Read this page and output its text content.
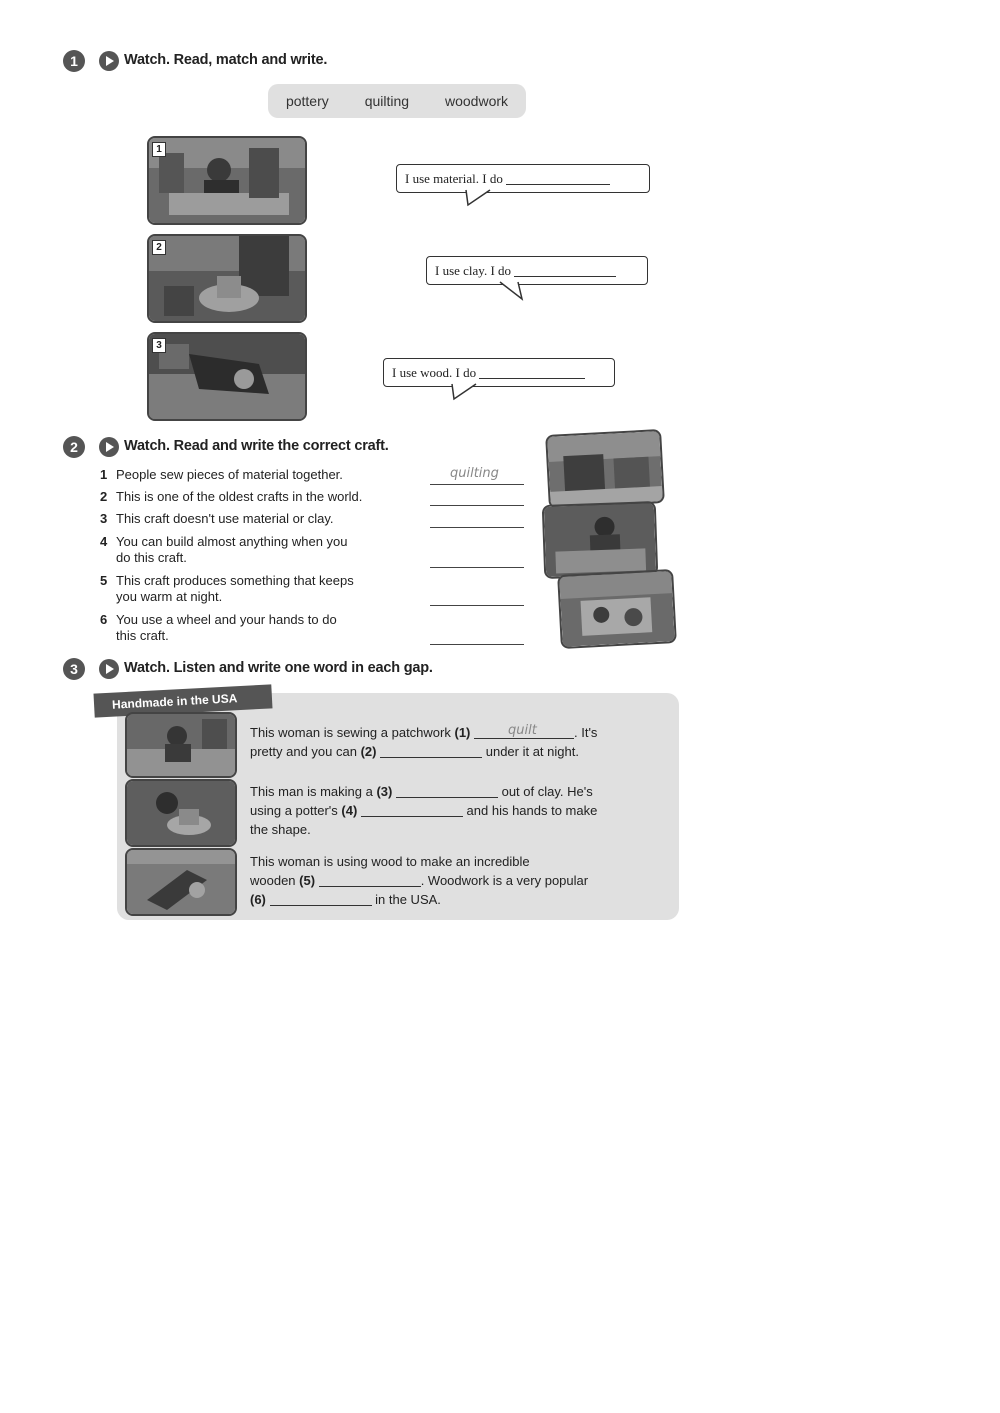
1	Watch. Read, match and write.
pottery	quilting	woodwork
1
2
3
I use material. I do
I use clay. I do
I use wood. I do
2	Watch. Read and write the correct craft.
1 People sew pieces of material together.	quilting
2 This is one of the oldest crafts in the world.
3 This craft doesn't use material or clay.
4 You can build almost anything when you
do this craft.
5 This craft produces something that keeps
you warm at night.
6 You use a wheel and your hands to do
this craft.
3	Watch. Listen and write one word in each gap.
Handmade in the USA
This woman is sewing a patchwork (1)	quilt	. It's
pretty and you can (2)	under it at night.
This man is making a (3)	out of clay. He's
using a potter's (4)	and his hands to make
the shape.
This woman is using wood to make an incredible
wooden (5)	. Woodwork is a very popular
(6)	in the USA.
